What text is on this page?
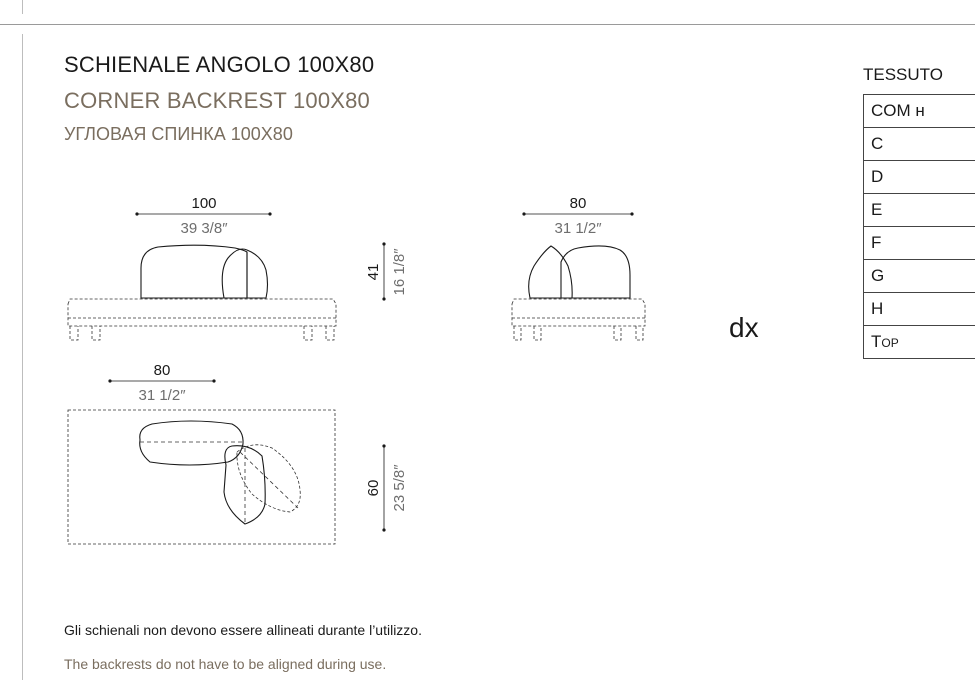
SCHIENALE ANGOLO 100X80
CORNER BACKREST 100X80
УГЛОВАЯ СПИНКА 100X80
100
39 3/8″
41 16 1/8″
80
31 1/2″
80
31 1/2″
60 23 5/8″
dx
TESSUTO
COM н
C
D
E
F
G
H
Top
Gli schienali non devono essere allineati durante l’utilizzo.
The backrests do not have to be aligned during use.
